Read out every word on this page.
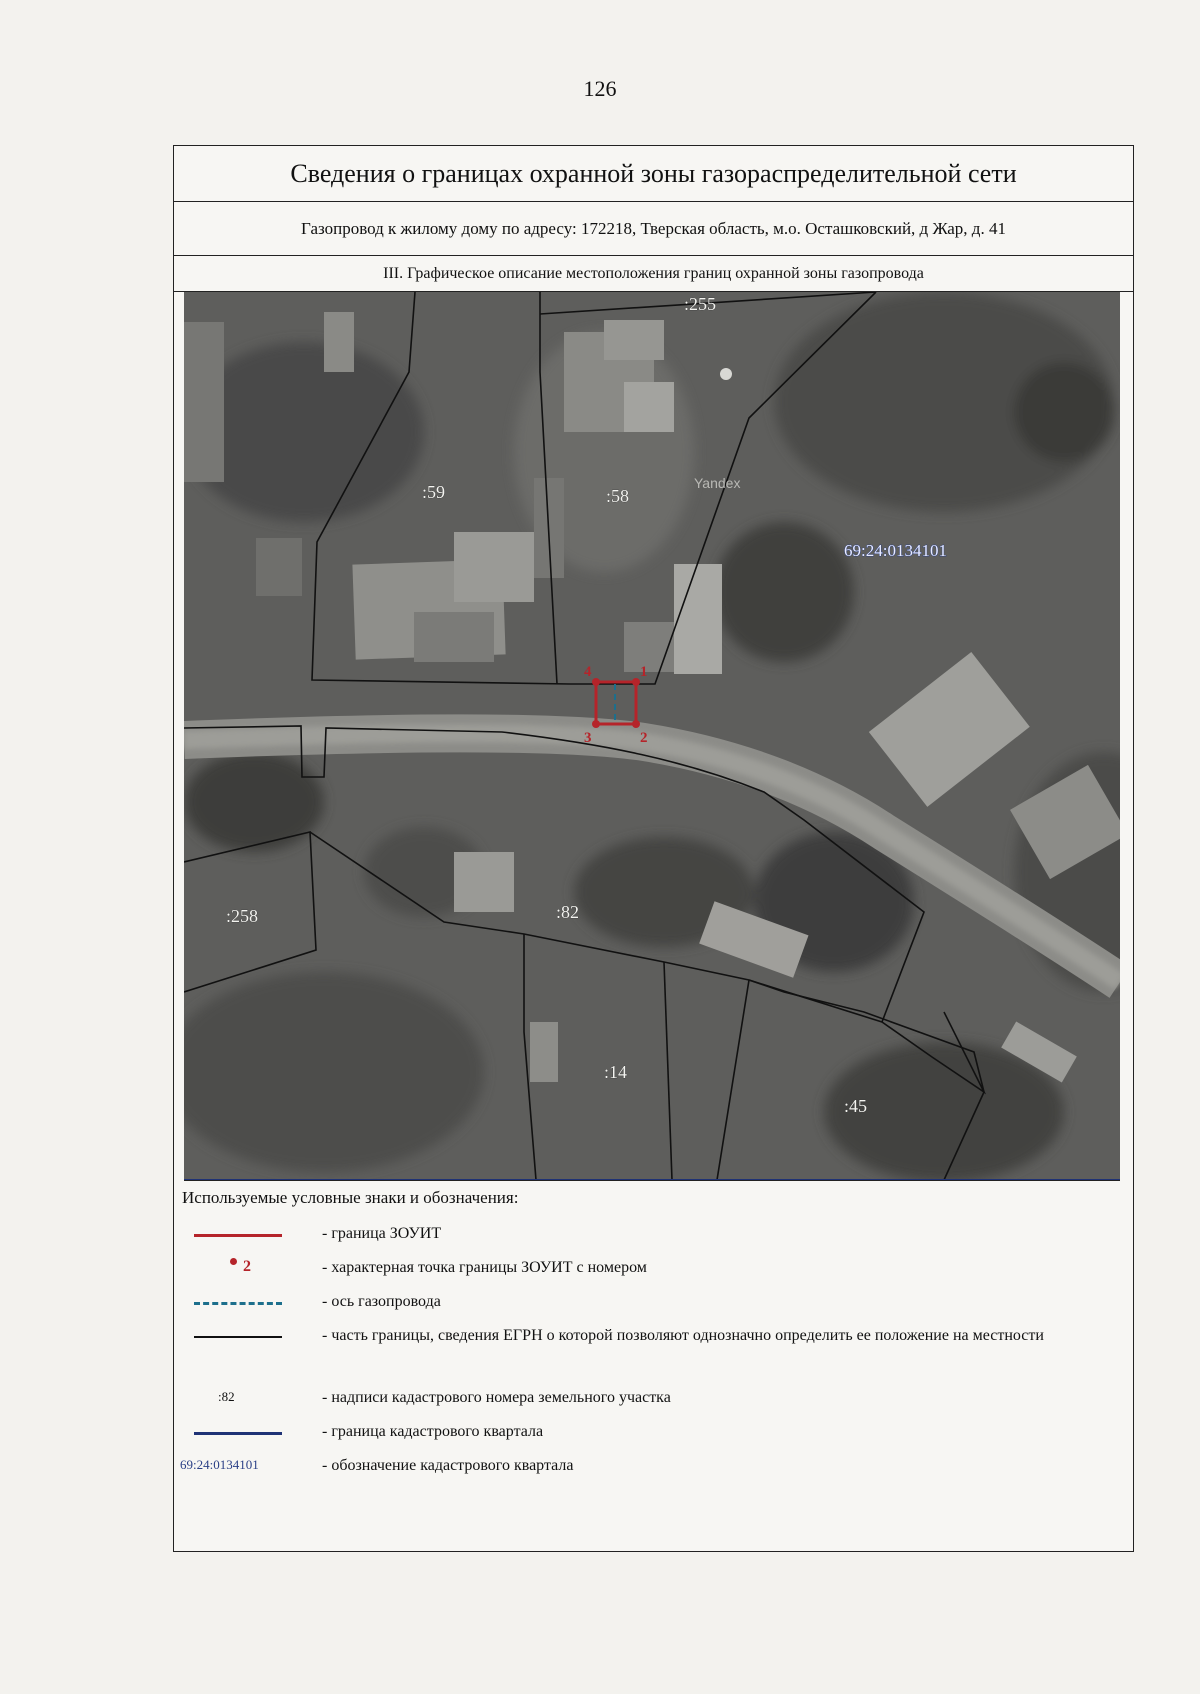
126
Сведения о границах охранной зоны газораспределительной сети
Газопровод к жилому дому по адресу: 172218, Тверская область, м.о. Осташковский, д Жар, д. 41
III. Графическое описание местоположения границ охранной зоны газопровода
1
2
3
4
:255
:59	:58
:258	:82
:14
:45
69:24:0134101
Yandex
Используемые условные знаки и обозначения:
- граница ЗОУИТ
2	- характерная точка границы ЗОУИТ с номером
- ось газопровода
- часть границы, сведения ЕГРН о которой позволяют однозначно определить ее положение на местности
:82	- надписи кадастрового номера земельного участка
- граница кадастрового квартала
69:24:0134101	- обозначение кадастрового квартала
